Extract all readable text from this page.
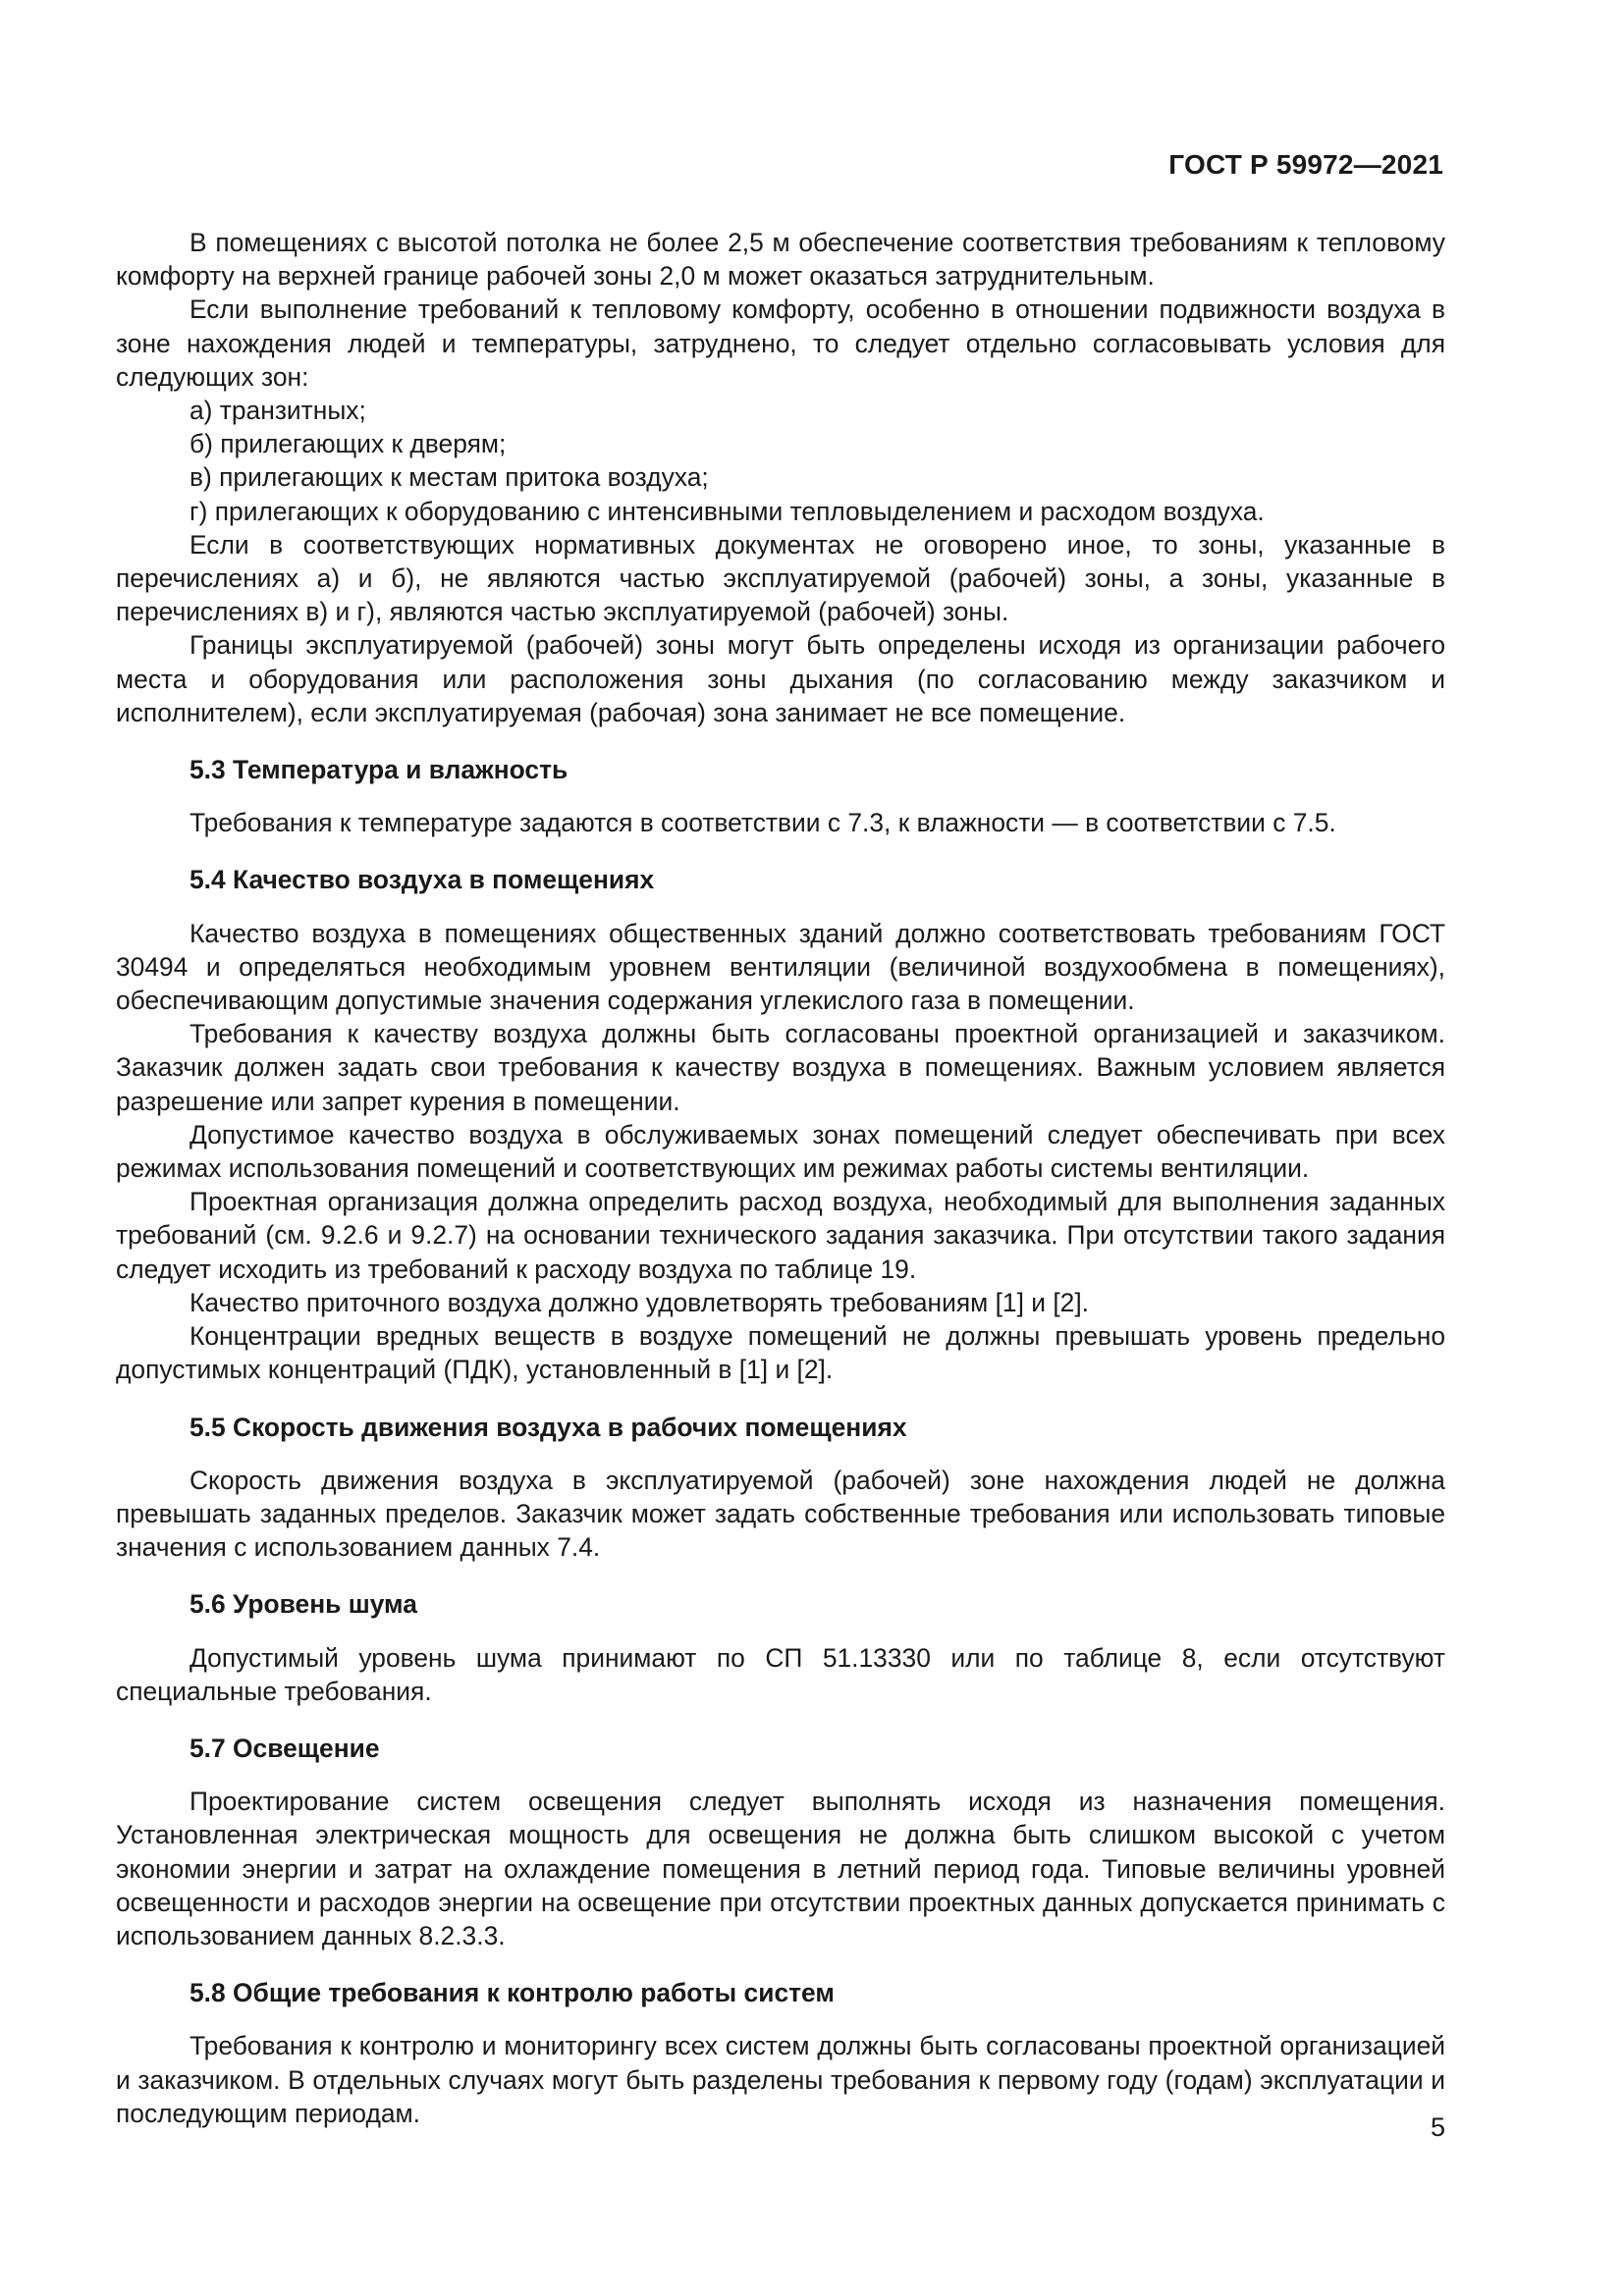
ГОСТ Р 59972—2021

В помещениях с высотой потолка не более 2,5 м обеспечение соответствия требованиям к тепловому комфорту на верхней границе рабочей зоны 2,0 м может оказаться затруднительным.

Если выполнение требований к тепловому комфорту, особенно в отношении подвижности воздуха в зоне нахождения людей и температуры, затруднено, то следует отдельно согласовывать условия для следующих зон:

а) транзитных;

б) прилегающих к дверям;

в) прилегающих к местам притока воздуха;

г) прилегающих к оборудованию с интенсивными тепловыделением и расходом воздуха.

Если в соответствующих нормативных документах не оговорено иное, то зоны, указанные в перечислениях а) и б), не являются частью эксплуатируемой (рабочей) зоны, а зоны, указанные в перечислениях в) и г), являются частью эксплуатируемой (рабочей) зоны.

Границы эксплуатируемой (рабочей) зоны могут быть определены исходя из организации рабочего места и оборудования или расположения зоны дыхания (по согласованию между заказчиком и исполнителем), если эксплуатируемая (рабочая) зона занимает не все помещение.

5.3 Температура и влажность

Требования к температуре задаются в соответствии с 7.3, к влажности — в соответствии с 7.5.

5.4 Качество воздуха в помещениях

Качество воздуха в помещениях общественных зданий должно соответствовать требованиям ГОСТ 30494 и определяться необходимым уровнем вентиляции (величиной воздухообмена в помещениях), обеспечивающим допустимые значения содержания углекислого газа в помещении.

Требования к качеству воздуха должны быть согласованы проектной организацией и заказчиком. Заказчик должен задать свои требования к качеству воздуха в помещениях. Важным условием является разрешение или запрет курения в помещении.

Допустимое качество воздуха в обслуживаемых зонах помещений следует обеспечивать при всех режимах использования помещений и соответствующих им режимах работы системы вентиляции.

Проектная организация должна определить расход воздуха, необходимый для выполнения заданных требований (см. 9.2.6 и 9.2.7) на основании технического задания заказчика. При отсутствии такого задания следует исходить из требований к расходу воздуха по таблице 19.

Качество приточного воздуха должно удовлетворять требованиям [1] и [2].

Концентрации вредных веществ в воздухе помещений не должны превышать уровень предельно допустимых концентраций (ПДК), установленный в [1] и [2].

5.5 Скорость движения воздуха в рабочих помещениях

Скорость движения воздуха в эксплуатируемой (рабочей) зоне нахождения людей не должна превышать заданных пределов. Заказчик может задать собственные требования или использовать типовые значения с использованием данных 7.4.

5.6 Уровень шума

Допустимый уровень шума принимают по СП 51.13330 или по таблице 8, если отсутствуют специальные требования.

5.7 Освещение

Проектирование систем освещения следует выполнять исходя из назначения помещения. Установленная электрическая мощность для освещения не должна быть слишком высокой с учетом экономии энергии и затрат на охлаждение помещения в летний период года. Типовые величины уровней освещенности и расходов энергии на освещение при отсутствии проектных данных допускается принимать с использованием данных 8.2.3.3.

5.8 Общие требования к контролю работы систем

Требования к контролю и мониторингу всех систем должны быть согласованы проектной организацией и заказчиком. В отдельных случаях могут быть разделены требования к первому году (годам) эксплуатации и последующим периодам.	5
